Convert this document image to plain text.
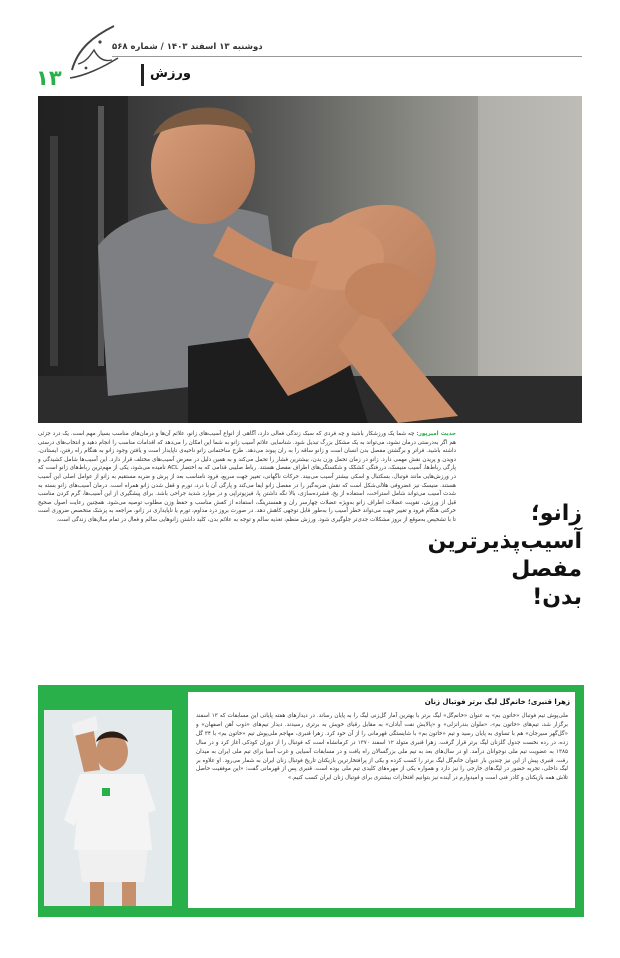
دوشنبه ۱۳ اسفند ۱۴۰۳ / شماره ۵۶۸
۱۳	ورزش
زانو؛
آسیب‌پذیرترین
مفصل بدن!
حدیث امیرپور: چه شما یک ورزشکار باشید و چه فردی که سبک زندگی فعالی دارد، آگاهی از انواع آسیب‌های زانو، علائم آن‌ها و درمان‌های مناسب بسیار مهم است. یک درد جزئی هم اگر به‌درستی درمان نشود، می‌تواند به یک مشکل بزرگ تبدیل شود. شناسایی علائم آسیب زانو به شما این امکان را می‌دهد که اقدامات مناسب را انجام دهید و انتخاب‌های درستی داشته باشید. فراتر و برگشتن مفصل بدن انسان است و زانو ساقه را به ران پیوند می‌دهد. طرح ساختمانی زانو ناحیه‌ی ناپایدار است و یافتن وجود زانو به هنگام راه رفتن، ایستادن، دویدن و پریدن نقش مهمی دارد. زانو در زمان تحمل وزن بدن، بیشترین فشار را تحمل می‌کند و به همین دلیل در معرض آسیب‌های مختلف قرار دارد. این آسیب‌ها شامل کشیدگی و پارگی رباط‌ها، آسیب منیسک، دررفتگی کشکک و شکستگی‌های اطراف مفصل هستند. رباط صلیبی قدامی که به اختصار ACL نامیده می‌شود، یکی از مهم‌ترین رباط‌های زانو است که در ورزش‌هایی مانند فوتبال، بسکتبال و اسکی بیشتر آسیب می‌بیند. حرکات ناگهانی، تغییر جهت سریع، فرود نامناسب بعد از پرش و ضربه مستقیم به زانو از عوامل اصلی این آسیب هستند. منیسک نیز غضروفی هلالی‌شکل است که نقش ضربه‌گیر را در مفصل زانو ایفا می‌کند و پارگی آن با درد، تورم و قفل شدن زانو همراه است. درمان آسیب‌های زانو بسته به شدت آسیب می‌تواند شامل استراحت، استفاده از یخ، فشرده‌سازی، بالا نگه داشتن پا، فیزیوتراپی و در موارد شدید جراحی باشد. برای پیشگیری از این آسیب‌ها، گرم کردن مناسب قبل از ورزش، تقویت عضلات اطراف زانو به‌ویژه عضلات چهارسر ران و همسترینگ، استفاده از کفش مناسب و حفظ وزن مطلوب توصیه می‌شود. همچنین رعایت اصول صحیح حرکتی هنگام فرود و تغییر جهت می‌تواند خطر آسیب را به‌طور قابل توجهی کاهش دهد. در صورت بروز درد مداوم، تورم یا ناپایداری در زانو، مراجعه به پزشک متخصص ضروری است تا با تشخیص به‌موقع از بروز مشکلات جدی‌تر جلوگیری شود. ورزش منظم، تغذیه سالم و توجه به علائم بدن، کلید داشتن زانوهایی سالم و فعال در تمام سال‌های زندگی است.
زهرا قنبری؛ خانم‌گل لیگ برتر فوتبال زنان
ملی‌پوش تیم فوتبال «خاتون بم» به عنوان «خانم‌گل» لیگ برتر با بهترین آمار گل‌زنی لیگ را به پایان رساند. در دیدارهای هفته پایانی این مسابقات که ۱۳ اسفند برگزار شد، تیم‌های «خاتون بم»، «ملوان بندرانزلی» و «پالایش نفت آبادان» به مقابل رقبای خویش به برتری رسیدند. دیدار تیم‌های «ذوب آهن اصفهان» و «گل‌گهر سیرجان» هم با تساوی به پایان رسید و تیم «خاتون بم» با شایستگی قهرمانی را از آن خود کرد. زهرا قنبری، مهاجم ملی‌پوش تیم «خاتون بم» با ۳۴ گل زده، در رده نخست جدول گلزنان لیگ برتر قرار گرفت. زهرا قنبری متولد ۱۲ اسفند ۱۳۷۰ در کرمانشاه است که فوتبال را از دوران کودکی آغاز کرد و در سال ۱۳۸۵ به عضویت تیم ملی نوجوانان درآمد. او در سال‌های بعد به تیم ملی بزرگسالان راه یافت و در مسابقات آسیایی و غرب آسیا برای تیم ملی ایران به میدان رفت. قنبری پیش از این نیز چندین بار عنوان خانم‌گل لیگ برتر را کسب کرده و یکی از پرافتخارترین بازیکنان تاریخ فوتبال زنان ایران به شمار می‌رود. او علاوه بر لیگ داخلی، تجربه حضور در لیگ‌های خارجی را نیز دارد و همواره یکی از مهره‌های کلیدی تیم ملی بوده است. قنبری پس از قهرمانی گفت: «این موفقیت حاصل تلاش همه بازیکنان و کادر فنی است و امیدوارم در آینده نیز بتوانیم افتخارات بیشتری برای فوتبال زنان ایران کسب کنیم.»
